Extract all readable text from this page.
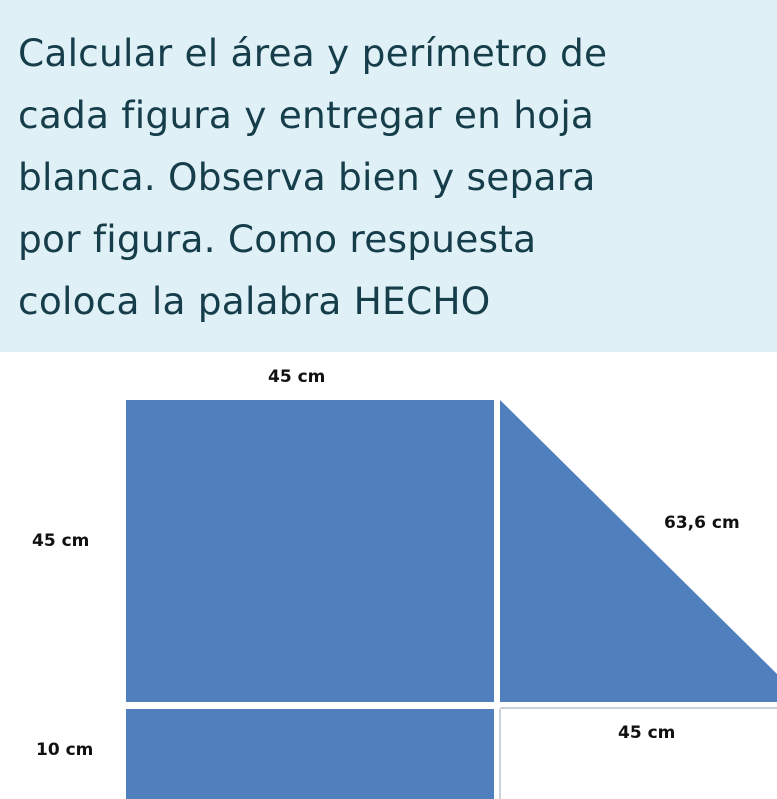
Calcular el área y perímetro de
cada figura y entregar en hoja
blanca. Observa bien y separa
por figura. Como respuesta
coloca la palabra HECHO

45 cm
45 cm
63,6 cm
45 cm
10 cm
